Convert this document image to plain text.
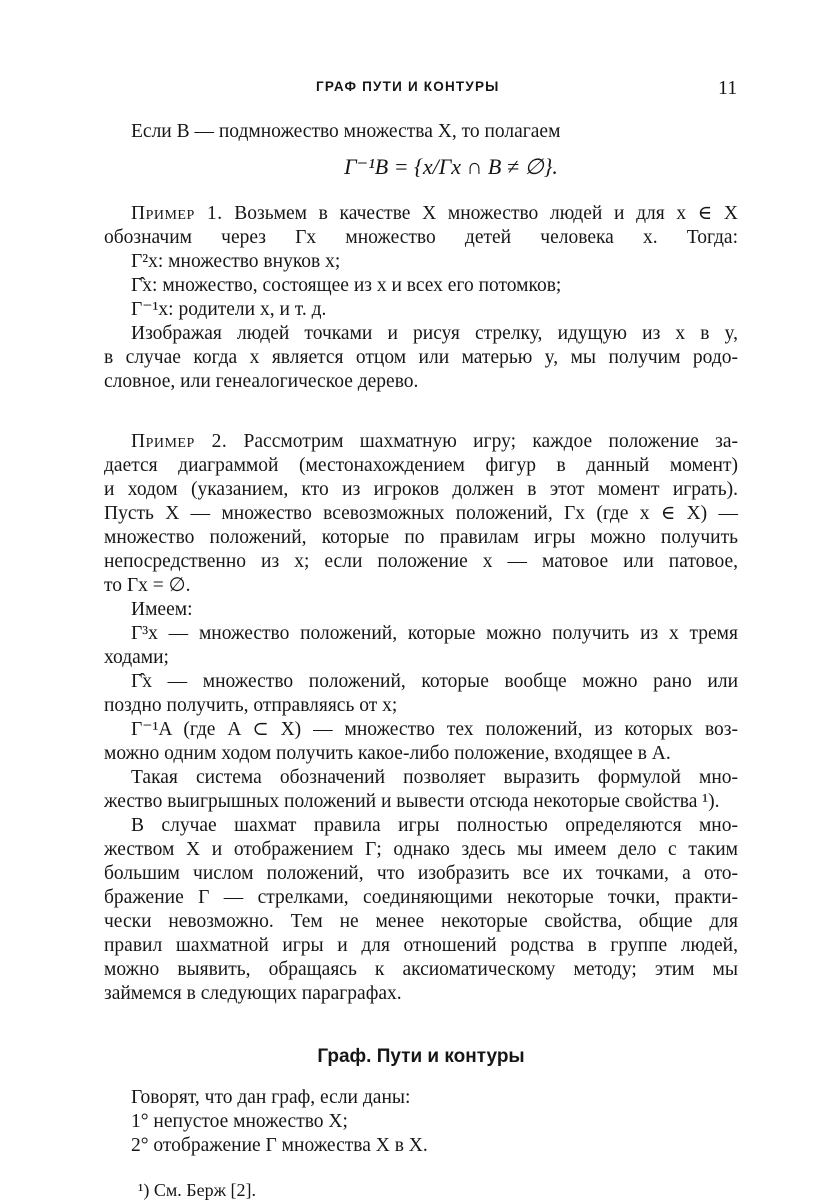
ГРАФ ПУТИ И КОНТУРЫ	11
Если B — подмножество множества X, то полагаем
Γ⁻¹B = {x/Γx ∩ B ≠ ∅}.
Пример 1. Возьмем в качестве X множество людей и для x ∈ X
обозначим через Γx множество детей человека x. Тогда:
Γ²x: множество внуков x;
Γ̂x: множество, состоящее из x и всех его потомков;
Γ⁻¹x: родители x, и т. д.
Изображая людей точками и рисуя стрелку, идущую из x в y,
в случае когда x является отцом или матерью y, мы получим родо-
словное, или генеалогическое дерево.
Пример 2. Рассмотрим шахматную игру; каждое положение за-
дается диаграммой (местонахождением фигур в данный момент)
и ходом (указанием, кто из игроков должен в этот момент играть).
Пусть X — множество всевозможных положений, Γx (где x ∈ X) —
множество положений, которые по правилам игры можно получить
непосредственно из x; если положение x — матовое или патовое,
то Γx = ∅.
Имеем:
Γ³x — множество положений, которые можно получить из x тремя
ходами;
Γ̂x — множество положений, которые вообще можно рано или
поздно получить, отправляясь от x;
Γ⁻¹A (где A ⊂ X) — множество тех положений, из которых воз-
можно одним ходом получить какое-либо положение, входящее в A.
Такая система обозначений позволяет выразить формулой мно-
жество выигрышных положений и вывести отсюда некоторые свойства ¹).
В случае шахмат правила игры полностью определяются мно-
жеством X и отображением Γ; однако здесь мы имеем дело с таким
большим числом положений, что изобразить все их точками, а ото-
бражение Γ — стрелками, соединяющими некоторые точки, практи-
чески невозможно. Тем не менее некоторые свойства, общие для
правил шахматной игры и для отношений родства в группе людей,
можно выявить, обращаясь к аксиоматическому методу; этим мы
займемся в следующих параграфах.
Граф. Пути и контуры
Говорят, что дан граф, если даны:
1° непустое множество X;
2° отображение Γ множества X в X.
¹) См. Берж [2].
